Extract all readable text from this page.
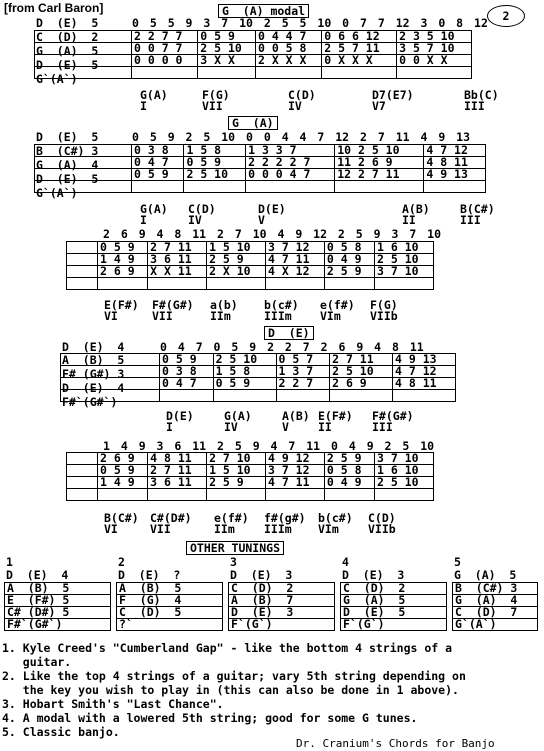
[from Carl Baron]
2
G  (A) modal
0 5 5 9 3 7 10 2 5 5 10 0 7 7 12 3 0 8 12
D  (E)  5
C  (D)  2
G  (A)  5
D  (E)  5
G`(A`)
	2 2 7 7	0 5 9	0 4 4 7	0 6 6 12	2 3 5 10
	0 0 7 7	2 5 10	0 0 5 8	2 5 7 11	3 5 7 10
	0 0 0 0	3 X X	2 X X X	0 X X X	0 0 X X

G(A)
I
F(G)
VII
C(D)
IV
D7(E7)
V7
Bb(C)
III
G  (A)
0 5 9 2 5 10 0 0 4 4 7 12 2 7 11 4 9 13
D  (E)  5
B  (C#) 3
G  (A)  4
D  (E)  5
G`(A`)
	0 3 8	1 5 8	1 3 3 7	10 2 5 10	4 7 12
	0 4 7	0 5 9	2 2 2 2 7	11 2 6 9	4 8 11
	0 5 9	2 5 10	0 0 0 4 7	12 2 7 11	4 9 13

G(A)
I
C(D)
IV
D(E)
V
A(B)
II
B(C#)
III
2 6 9 4 8 11 2 7 10 4 9 12 2 5 9 3 7 10
	0 5 9	2 7 11	1 5 10	3 7 12	0 5 8	1 6 10
	1 4 9	3 6 11	2 5 9	4 7 11	0 4 9	2 5 10
	2 6 9	X X 11	2 X 10	4 X 12	2 5 9	3 7 10

E(F#)
VI
F#(G#)
VII
a(b)
IIm
b(c#)
IIIm
e(f#)
VIm
F(G)
VIIb
D  (E)
0 4 7 0 5 9 2 2 7 2 6 9 4 8 11
D  (E)  4
A  (B)  5
F# (G#) 3
D  (E)  4
F#`(G#`)
	0 5 9	2 5 10	0 5 7	2 7 11	4 9 13
	0 3 8	1 5 8	1 3 7	2 5 10	4 7 12
	0 4 7	0 5 9	2 2 7	2 6 9	4 8 11

D(E)
I
G(A)
IV
A(B)
V
E(F#)
II
F#(G#)
III
1 4 9 3 6 11 2 5 9 4 7 11 0 4 9 2 5 10
	2 6 9	4 8 11	2 7 10	4 9 12	2 5 9	3 7 10
	0 5 9	2 7 11	1 5 10	3 7 12	0 5 8	1 6 10
	1 4 9	3 6 11	2 5 9	4 7 11	0 4 9	2 5 10

B(C#)
VI
C#(D#)
VII
e(f#)
IIm
f#(g#)
IIIm
b(c#)
VIm
C(D)
VIIb
OTHER TUNINGS
1
D  (E)  4
A  (B)  5
E  (F#) 5
C# (D#) 5
F#`(G#`)
2
D  (E)  ?
A  (B)  5
F  (G)  4
C  (D)  5
?`
3
D  (E)  3
C  (D)  2
A  (B)  7
D  (E)  3
F`(G`)
4
D  (E)  3
C  (D)  2
G  (A)  5
D  (E)  5
F`(G`)
5
G  (A)  5
B  (C#) 3
G  (A)  4
C  (D)  7
G`(A`)
1. Kyle Creed's "Cumberland Gap" - like the bottom 4 strings of a
guitar.
2. Like the top 4 strings of a guitar; vary 5th string depending on
the key you wish to play in (this can also be done in 1 above).
3. Hobart Smith's "Last Chance".
4. A modal with a lowered 5th string; good for some G tunes.
5. Classic banjo.
Dr. Cranium's Chords for Banjo
